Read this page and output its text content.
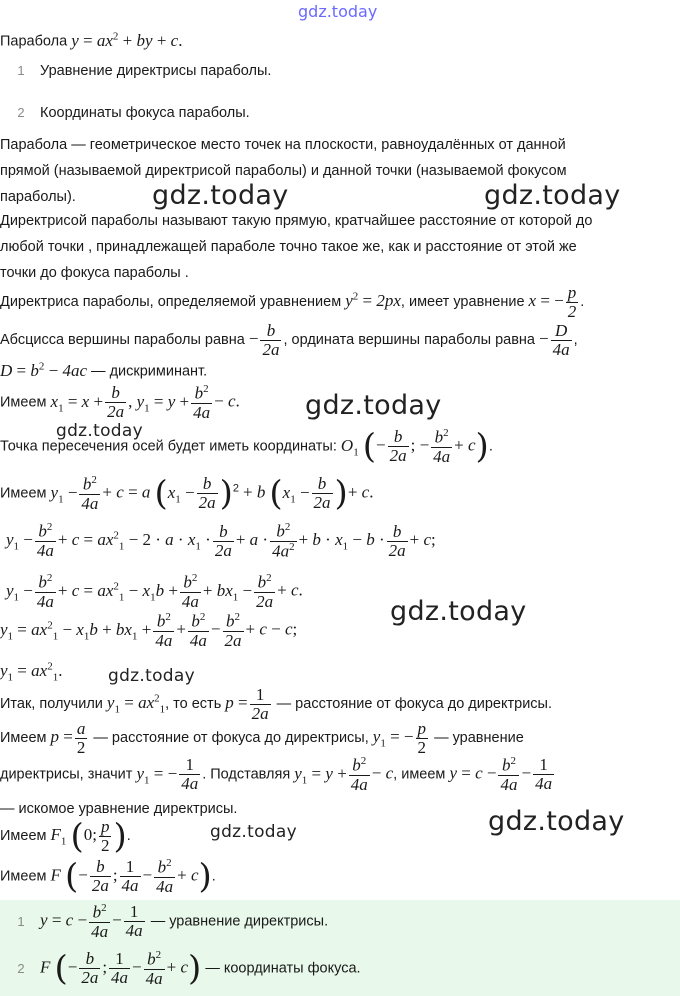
gdz.today
gdz.today	gdz.today
gdz.today
gdz.today
gdz.today
gdz.today
gdz.today
gdz.today
Парабола $y = ax^2$ + by + c.
1 Уравнение директрисы параболы.
2 Координаты фокуса параболы.
Парабола — геометрическое место точек на плоскости, равноудалённых от данной
прямой (называемой директрисой параболы) и данной точки (называемой фокусом
параболы).
Директрисой параболы называют такую прямую, кратчайшее расстояние от которой до
любой точки , принадлежащей параболе точно такое же, как и расстояние от этой же
точки до фокуса параболы .
Директриса параболы, определяемой уравнением $y^2 = 2px$, имеет уравнение x = − $\frac{p}{2}$ .
Абсцисса вершины параболы равна − $\frac{b}{2a}$ , ордината вершины параболы равна − $\frac{D}{4a}$ ,
$D = b^2 - 4ac$ — дискриминант.
Имеем $x_1 = x + \frac{b}{2a}$ , $y_1 = y + \frac{b^2}{4a} - c$.
Точка пересечения осей будет иметь координаты: $O_1$ (− $\frac{b}{2a}$ ; − $\frac{b^2}{4a} + c$).
Имеем $y_1 - \frac{b^2}{4a} + c = a$ $(x_1 - \frac{b}{2a} )^2 + b$ ($x_1 - \frac{b}{2a}$ )+ c.
$y_1 - \frac{b^2}{4a} + c = ax^2_1 - 2 \cdot a \cdot x_1 \cdot \frac{b}{2a} + a \cdot \frac{b^2}{4a^2} + b \cdot x_1 - b \cdot \frac{b}{2a} + c$;
$y_1 - \frac{b^2}{4a} + c = ax^2_1 - x_1b + \frac{b^2}{4a} + bx_1 - \frac{b^2}{2a} + c$.
$y_1 = ax^2_1 - x_1b + bx_1 + \frac{b^2}{4a} + \frac{b^2}{4a} - \frac{b^2}{2a} + c - c$;
$y_1 = ax^2_1$.
Итак, получили $y_1 = ax^2_1$, то есть $p = \frac{1}{2a}$ — расстояние от фокуса до директрисы.
Имеем $p = \frac{a}{2}$ — расстояние от фокуса до директрисы, $y_1$ = − $\frac{p}{2}$ — уравнение
директрисы, значит $y_1$ = − $\frac{1}{4a}$ . Подставляя $y_1 = y + \frac{b^2}{4a} - c$, имеем $y = c - \frac{b^2}{4a} - \frac{1}{4a}$
— искомое уравнение директрисы.
Имеем $F_1$ (0; $\frac{p}{2}$ ).
Имеем F (− $\frac{b}{2a}$ ; $\frac{1}{4a} - \frac{b^2}{4a} + c$).
1 $y = c - \frac{b^2}{4a} - \frac{1}{4a}$ — уравнение директрисы.
2 F (− $\frac{b}{2a}$ ; $\frac{1}{4a} - \frac{b^2}{4a} + c$) — координаты фокуса.
